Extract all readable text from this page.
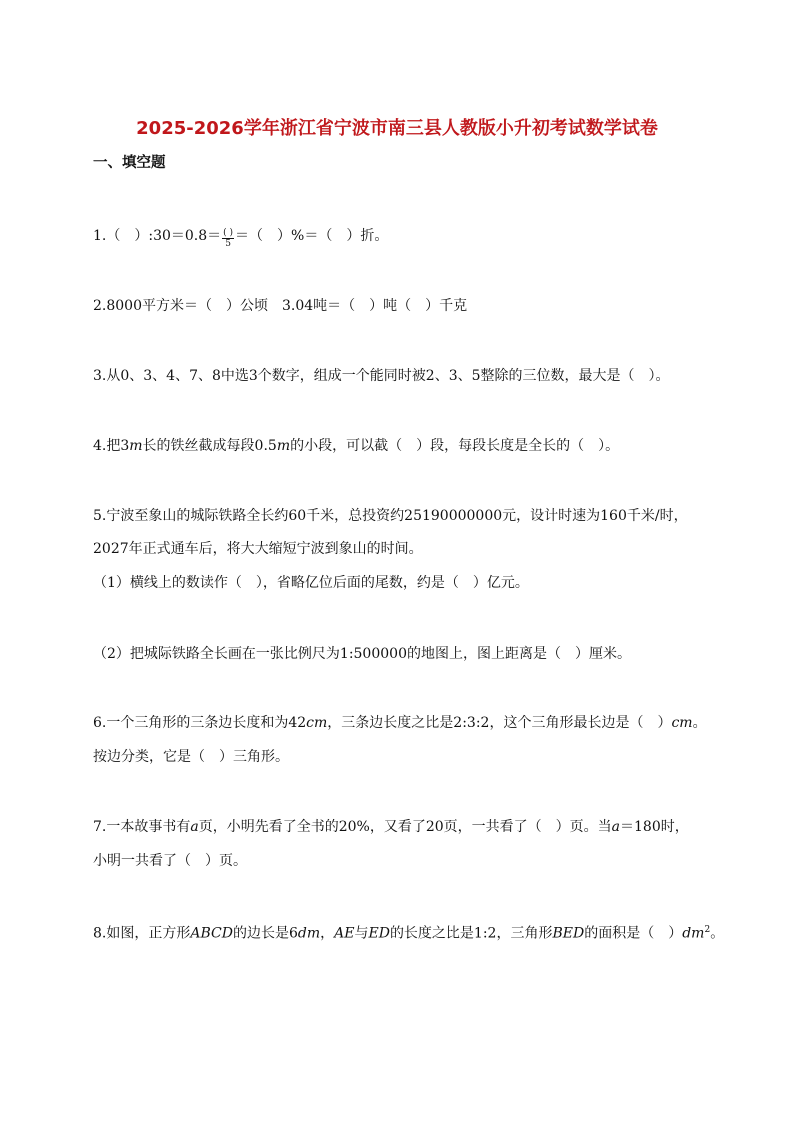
2025-2026学年浙江省宁波市南三县人教版小升初考试数学试卷
一、填空题
1.（　）:30＝0.8＝ $\frac{( )}{5}$ ＝（　）%＝（　）折。
2.8000平方米＝（　）公顷　3.04吨＝（　）吨（　）千克
3.从0、3、4、7、8中选3个数字，组成一个能同时被2、3、5整除的三位数，最大是（　）。
4.把3m长的铁丝截成每段0.5m的小段，可以截（　）段，每段长度是全长的（　）。
5.宁波至象山的城际铁路全长约60千米，总投资约25190000000元，设计时速为160千米/时，
2027年正式通车后，将大大缩短宁波到象山的时间。
（1）横线上的数读作（　），省略亿位后面的尾数，约是（　）亿元。
（2）把城际铁路全长画在一张比例尺为1:500000的地图上，图上距离是（　）厘米。
6.一个三角形的三条边长度和为42cm，三条边长度之比是2:3:2，这个三角形最长边是（　）cm。
按边分类，它是（　）三角形。
7.一本故事书有a页，小明先看了全书的20%，又看了20页，一共看了（　）页。当a＝180时，
小明一共看了（　）页。
8.如图，正方形ABCD的边长是6dm，AE与ED的长度之比是1:2，三角形BED的面积是（　）$dm^2$。
